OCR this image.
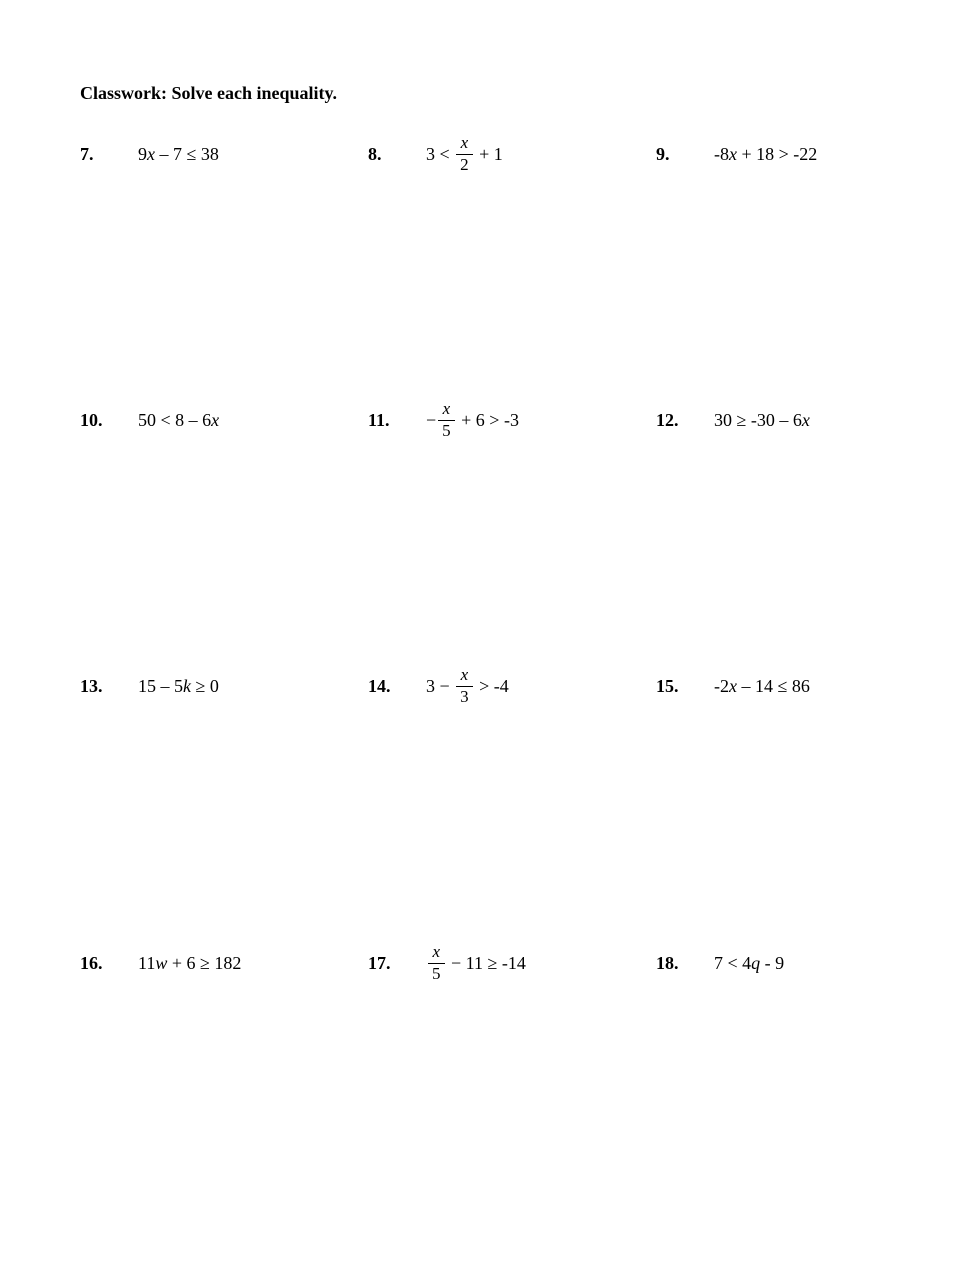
Classwork: Solve each inequality.
7.	9 x – 7 ≤ 38	8.	$3 < \frac{x}{2} + 1$	9.	-8 x + 18 > -22
10.	50 < 8 – 6 x	11.	− $\frac{x}{5} + 6 > -3$	12.	30 ≥ -30 – 6 x
13.	15 – 5 k ≥ 0	14.	$3 - \frac{x}{3} > -4$	15.	-2 x – 14 ≤ 86
16.	11 w + 6 ≥ 182	17.	$\frac{x}{5} - 11 \ge -14$	18.	7 < 4 q - 9
